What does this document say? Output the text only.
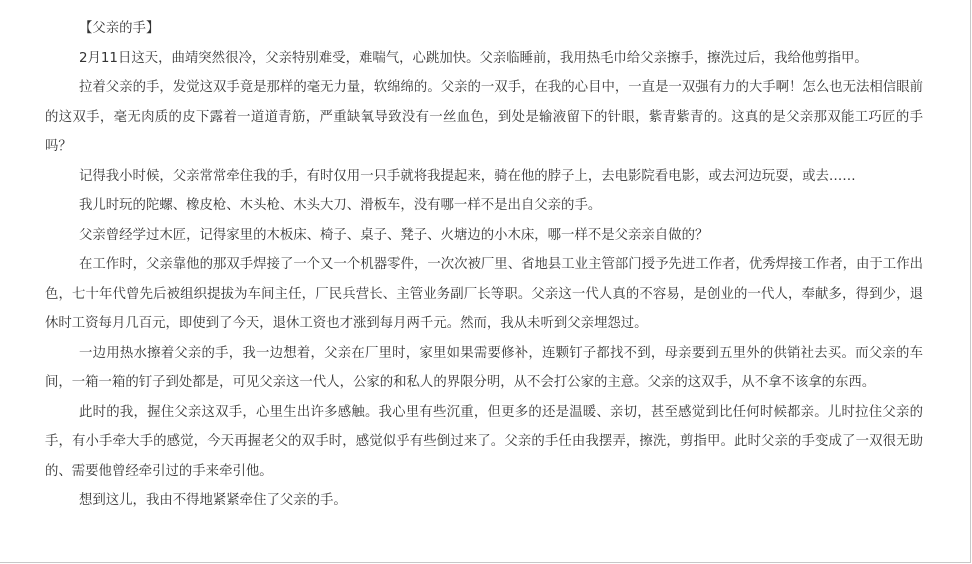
【父亲的手】

2月11日这天，曲靖突然很冷，父亲特别难受，难喘气，心跳加快。父亲临睡前，我用热毛巾给父亲擦手，擦洗过后，我给他剪指甲。

拉着父亲的手，发觉这双手竟是那样的毫无力量，软绵绵的。父亲的一双手，在我的心目中，一直是一双强有力的大手啊！怎么也无法相信眼前的这双手，毫无肉质的皮下露着一道道青筋，严重缺氧导致没有一丝血色，到处是输液留下的针眼，紫青紫青的。这真的是父亲那双能工巧匠的手吗？

记得我小时候，父亲常常牵住我的手，有时仅用一只手就将我提起来，骑在他的脖子上，去电影院看电影，或去河边玩耍，或去……

我儿时玩的陀螺、橡皮枪、木头枪、木头大刀、滑板车，没有哪一样不是出自父亲的手。

父亲曾经学过木匠，记得家里的木板床、椅子、桌子、凳子、火塘边的小木床，哪一样不是父亲亲自做的？

在工作时，父亲靠他的那双手焊接了一个又一个机器零件，一次次被厂里、省地县工业主管部门授予先进工作者，优秀焊接工作者，由于工作出色，七十年代曾先后被组织提拔为车间主任，厂民兵营长、主管业务副厂长等职。父亲这一代人真的不容易，是创业的一代人，奉献多，得到少，退休时工资每月几百元，即使到了今天，退休工资也才涨到每月两千元。然而，我从未听到父亲埋怨过。

一边用热水擦着父亲的手，我一边想着，父亲在厂里时，家里如果需要修补，连颗钉子都找不到，母亲要到五里外的供销社去买。而父亲的车间，一箱一箱的钉子到处都是，可见父亲这一代人，公家的和私人的界限分明，从不会打公家的主意。父亲的这双手，从不拿不该拿的东西。

此时的我，握住父亲这双手，心里生出许多感触。我心里有些沉重，但更多的还是温暖、亲切，甚至感觉到比任何时候都亲。儿时拉住父亲的手，有小手牵大手的感觉，今天再握老父的双手时，感觉似乎有些倒过来了。父亲的手任由我摆弄，擦洗，剪指甲。此时父亲的手变成了一双很无助的、需要他曾经牵引过的手来牵引他。

想到这儿，我由不得地紧紧牵住了父亲的手。
